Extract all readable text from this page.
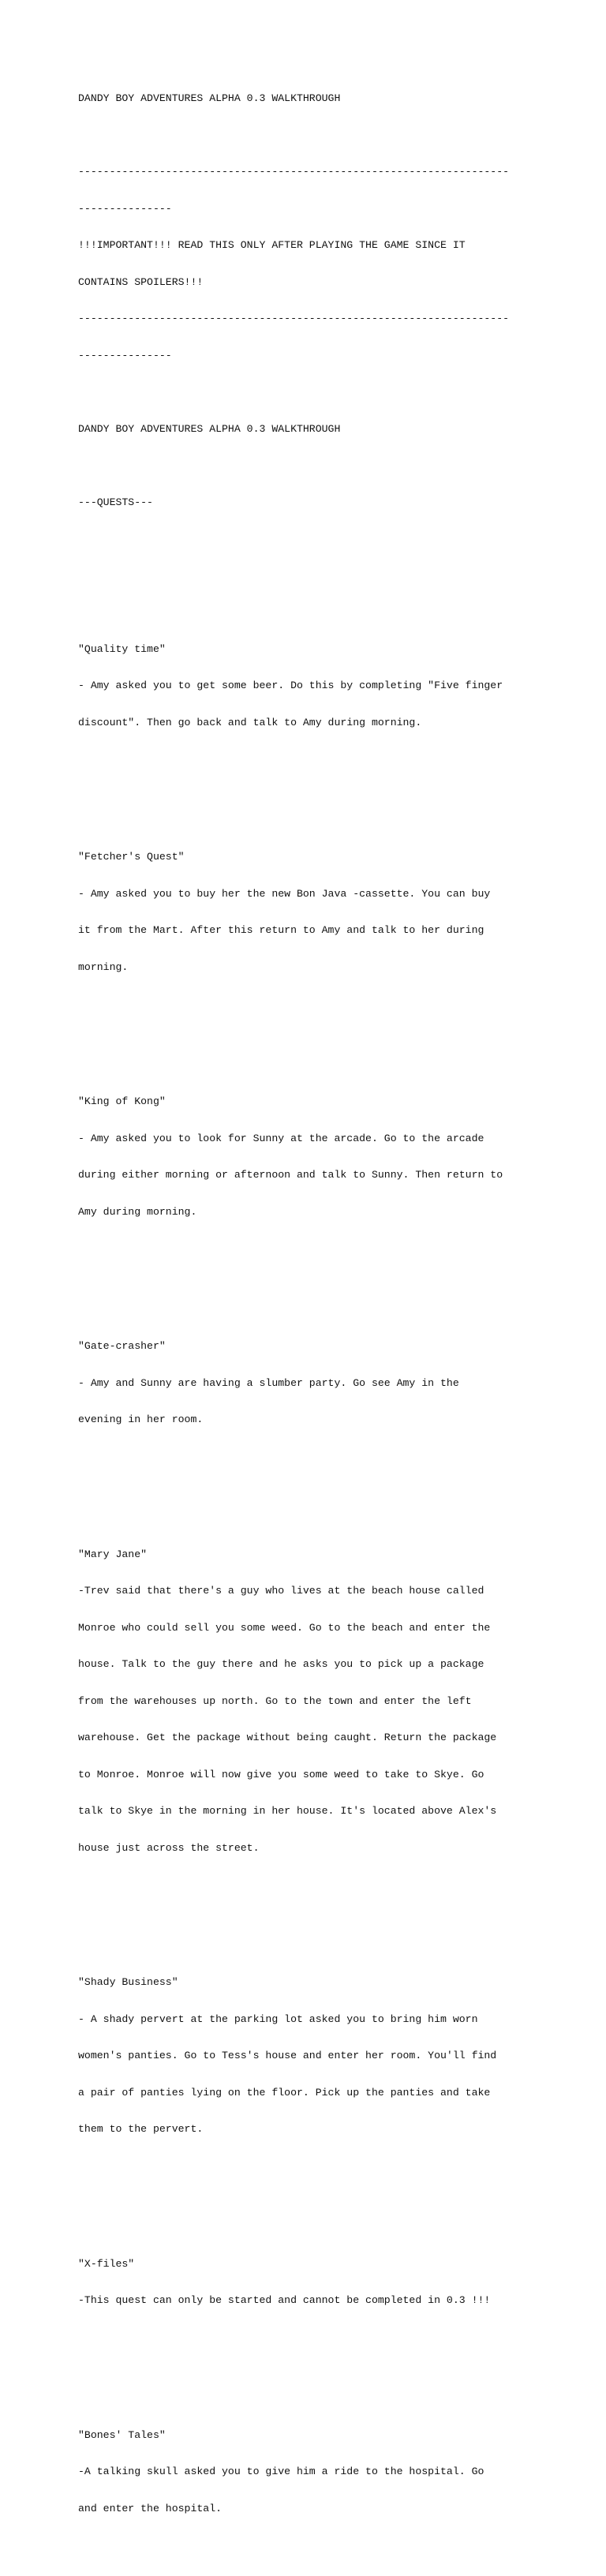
DANDY BOY ADVENTURES ALPHA 0.3 WALKTHROUGH

---------------------------------------------------------------------

---------------

!!!IMPORTANT!!! READ THIS ONLY AFTER PLAYING THE GAME SINCE IT

CONTAINS SPOILERS!!!

---------------------------------------------------------------------

---------------

DANDY BOY ADVENTURES ALPHA 0.3 WALKTHROUGH

---QUESTS---

"Quality time"

- Amy asked you to get some beer. Do this by completing "Five finger

discount". Then go back and talk to Amy during morning.

"Fetcher's Quest"

- Amy asked you to buy her the new Bon Java -cassette. You can buy

it from the Mart. After this return to Amy and talk to her during

morning.

"King of Kong"

- Amy asked you to look for Sunny at the arcade. Go to the arcade

during either morning or afternoon and talk to Sunny. Then return to

Amy during morning.

"Gate-crasher"

- Amy and Sunny are having a slumber party. Go see Amy in the

evening in her room.

"Mary Jane"

-Trev said that there's a guy who lives at the beach house called

Monroe who could sell you some weed. Go to the beach and enter the

house. Talk to the guy there and he asks you to pick up a package

from the warehouses up north. Go to the town and enter the left

warehouse. Get the package without being caught. Return the package

to Monroe. Monroe will now give you some weed to take to Skye. Go

talk to Skye in the morning in her house. It's located above Alex's

house just across the street.

"Shady Business"

- A shady pervert at the parking lot asked you to bring him worn

women's panties. Go to Tess's house and enter her room. You'll find

a pair of panties lying on the floor. Pick up the panties and take

them to the pervert.

"X-files"

-This quest can only be started and cannot be completed in 0.3 !!!

"Bones' Tales"

-A talking skull asked you to give him a ride to the hospital. Go

and enter the hospital.
